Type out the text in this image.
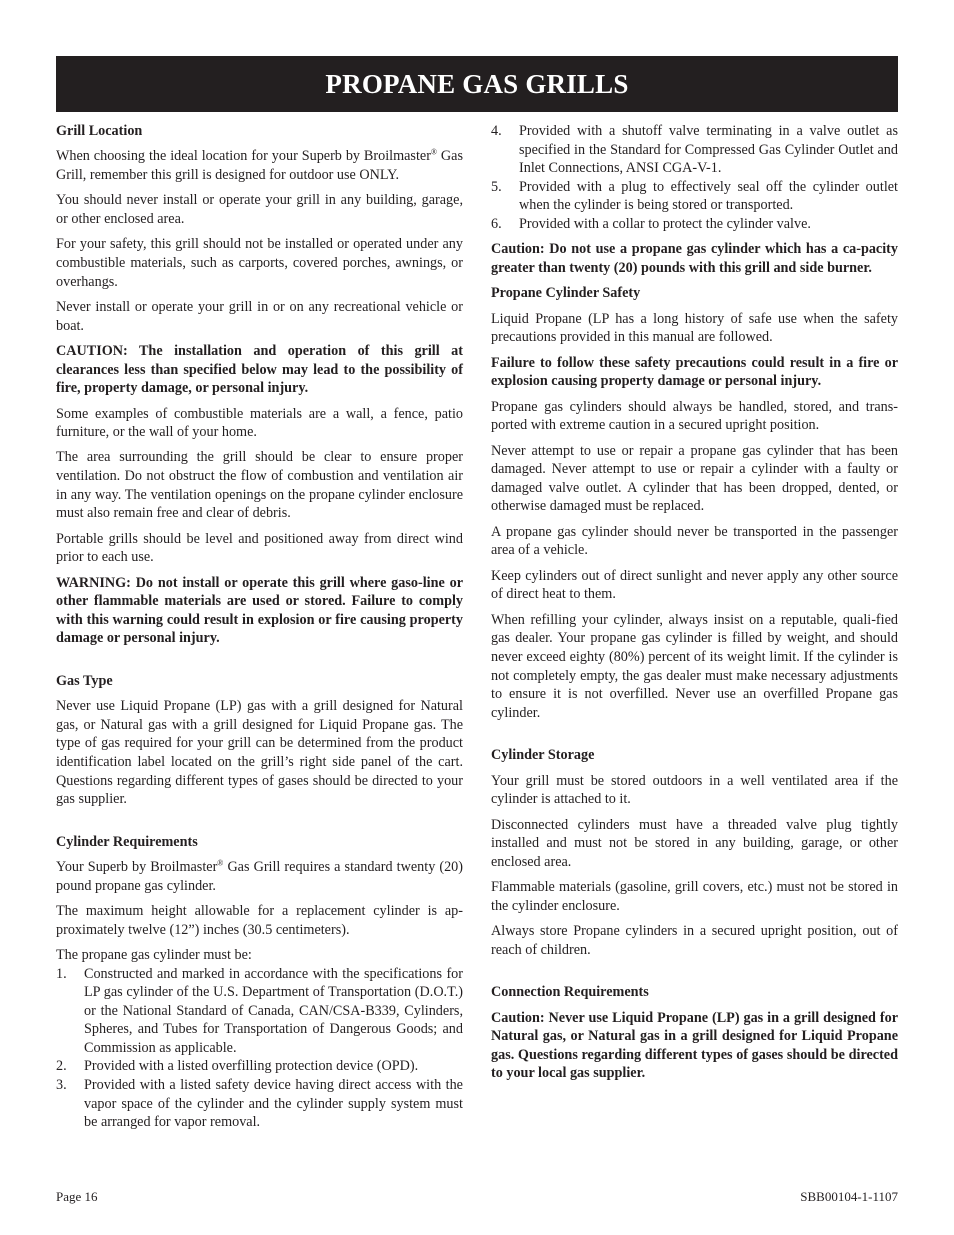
PROPANE GAS GRILLS
Grill Location

When choosing the ideal location for your Superb by Broilmaster® Gas Grill, remember this grill is designed for outdoor use ONLY.

You should never install or operate your grill in any building, garage, or other enclosed area.

For your safety, this grill should not be installed or operated under any combustible materials, such as carports, covered porches, awnings, or overhangs.

Never install or operate your grill in or on any recreational vehicle or boat.

CAUTION: The installation and operation of this grill at clearances less than specified below may lead to the possibility of fire, property damage, or personal injury.

Some examples of combustible materials are a wall, a fence, patio furniture, or the wall of your home.

The area surrounding the grill should be clear to ensure proper ventilation. Do not obstruct the flow of combustion and ventilation air in any way. The ventilation openings on the propane cylinder enclosure must also remain free and clear of debris.

Portable grills should be level and positioned away from direct wind prior to each use.

WARNING: Do not install or operate this grill where gaso-line or other flammable materials are used or stored. Failure to comply with this warning could result in explosion or fire causing property damage or personal injury.

Gas Type

Never use Liquid Propane (LP) gas with a grill designed for Natural gas, or Natural gas with a grill designed for Liquid Propane gas. The type of gas required for your grill can be determined from the product identification label located on the grill’s right side panel of the cart. Questions regarding different types of gases should be directed to your gas supplier.

Cylinder Requirements

Your Superb by Broilmaster® Gas Grill requires a standard twenty (20) pound propane gas cylinder.

The maximum height allowable for a replacement cylinder is ap-proximately twelve (12”) inches (30.5 centimeters).

The propane gas cylinder must be:

1. Constructed and marked in accordance with the specifications for LP gas cylinder of the U.S. Department of Transportation (D.O.T.) or the National Standard of Canada, CAN/CSA-B339, Cylinders, Spheres, and Tubes for Transportation of Dangerous Goods; and Commission as applicable.
2. Provided with a listed overfilling protection device (OPD).
3. Provided with a listed safety device having direct access with the vapor space of the cylinder and the cylinder supply system must be arranged for vapor removal.
4. Provided with a shutoff valve terminating in a valve outlet as specified in the Standard for Compressed Gas Cylinder Outlet and Inlet Connections, ANSI CGA-V-1.
5. Provided with a plug to effectively seal off the cylinder outlet when the cylinder is being stored or transported.
6. Provided with a collar to protect the cylinder valve.

Caution: Do not use a propane gas cylinder which has a ca-pacity greater than twenty (20) pounds with this grill and side burner.

Propane Cylinder Safety

Liquid Propane (LP has a long history of safe use when the safety precautions provided in this manual are followed.

Failure to follow these safety precautions could result in a fire or explosion causing property damage or personal injury.

Propane gas cylinders should always be handled, stored, and trans-ported with extreme caution in a secured upright position.

Never attempt to use or repair a propane gas cylinder that has been damaged. Never attempt to use or repair a cylinder with a faulty or damaged valve outlet. A cylinder that has been dropped, dented, or otherwise damaged must be replaced.

A propane gas cylinder should never be transported in the passenger area of a vehicle.

Keep cylinders out of direct sunlight and never apply any other source of direct heat to them.

When refilling your cylinder, always insist on a reputable, quali-fied gas dealer. Your propane gas cylinder is filled by weight, and should never exceed eighty (80%) percent of its weight limit. If the cylinder is not completely empty, the gas dealer must make necessary adjustments to ensure it is not overfilled. Never use an overfilled Propane gas cylinder.

Cylinder Storage

Your grill must be stored outdoors in a well ventilated area if the cylinder is attached to it.

Disconnected cylinders must have a threaded valve plug tightly installed and must not be stored in any building, garage, or other enclosed area.

Flammable materials (gasoline, grill covers, etc.) must not be stored in the cylinder enclosure.

Always store Propane cylinders in a secured upright position, out of reach of children.

Connection Requirements

Caution: Never use Liquid Propane (LP) gas in a grill designed for Natural gas, or Natural gas in a grill designed for Liquid Propane gas. Questions regarding different types of gases should be directed to your local gas supplier.

Page 16	SBB00104-1-1107
